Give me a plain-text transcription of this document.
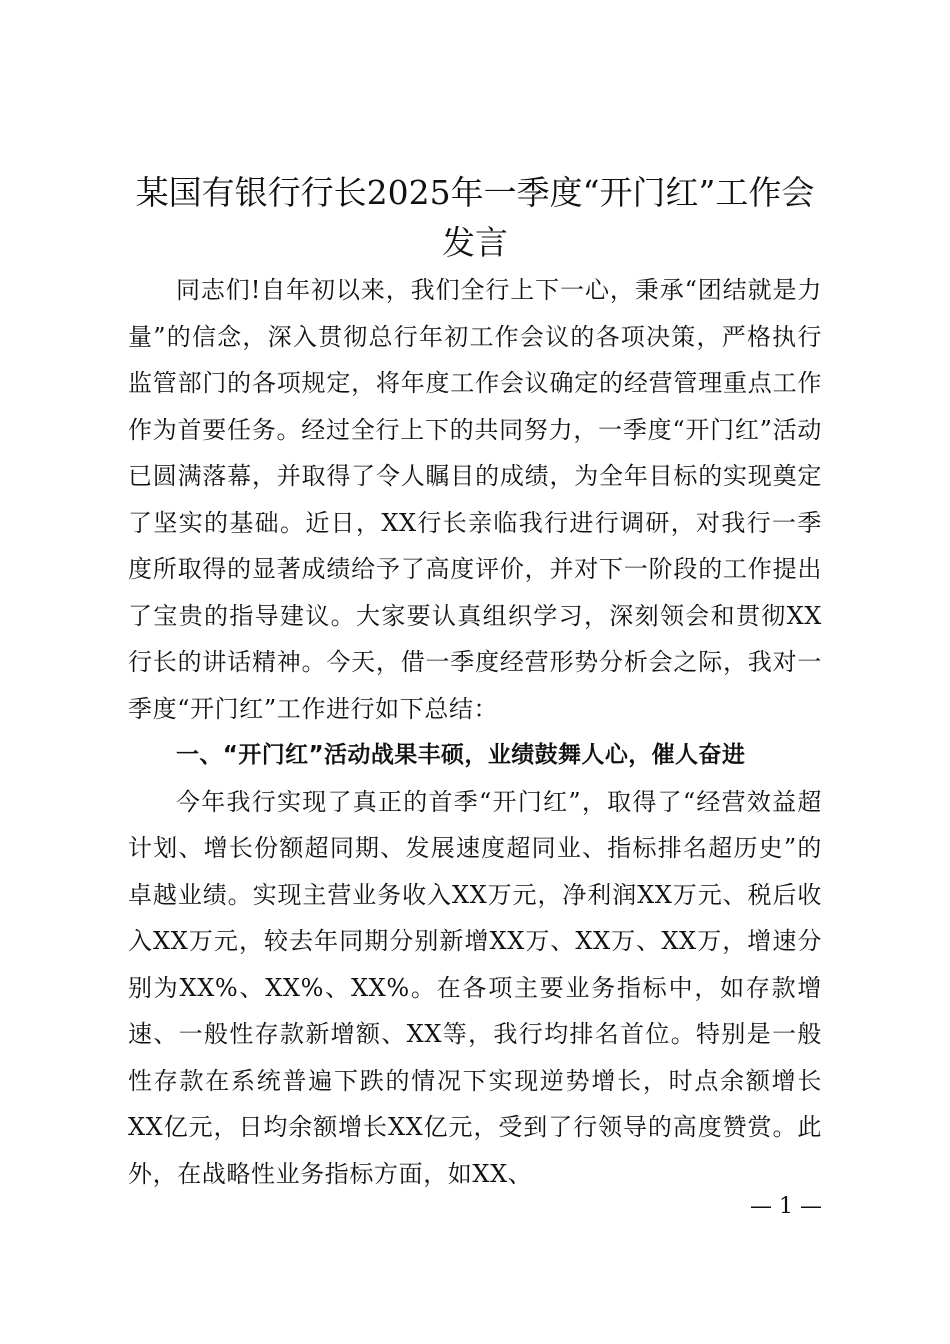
某国有银行行长2025年一季度“开门红”工作会发言

同志们!自年初以来，我们全行上下一心，秉承“团结就是力量”的信念，深入贯彻总行年初工作会议的各项决策，严格执行监管部门的各项规定，将年度工作会议确定的经营管理重点工作作为首要任务。经过全行上下的共同努力，一季度“开门红”活动已圆满落幕，并取得了令人瞩目的成绩，为全年目标的实现奠定了坚实的基础。近日，XX行长亲临我行进行调研，对我行一季度所取得的显著成绩给予了高度评价，并对下一阶段的工作提出了宝贵的指导建议。大家要认真组织学习，深刻领会和贯彻XX行长的讲话精神。今天，借一季度经营形势分析会之际，我对一季度“开门红”工作进行如下总结：

一、“开门红”活动战果丰硕，业绩鼓舞人心，催人奋进

今年我行实现了真正的首季“开门红”，取得了“经营效益超计划、增长份额超同期、发展速度超同业、指标排名超历史”的卓越业绩。实现主营业务收入XX万元，净利润XX万元、税后收入XX万元，较去年同期分别新增XX万、XX万、XX万，增速分别为XX%、XX%、XX%。在各项主要业务指标中，如存款增速、一般性存款新增额、XX等，我行均排名首位。特别是一般性存款在系统普遍下跌的情况下实现逆势增长，时点余额增长XX亿元，日均余额增长XX亿元，受到了行领导的高度赞赏。此外，在战略性业务指标方面，如XX、

— 1 —
